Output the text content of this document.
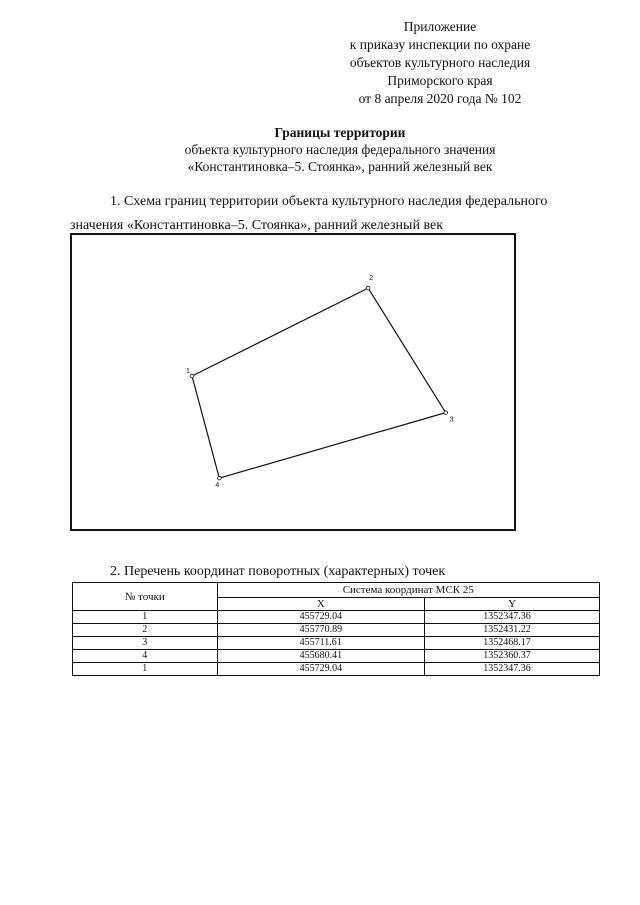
Приложение
к приказу инспекции по охране
объектов культурного наследия
Приморского края
от 8 апреля 2020 года № 102
Границы территории
объекта культурного наследия федерального значения
«Константиновка–5. Стоянка», ранний железный век
1. Схема границ территории объекта культурного наследия федерального значения «Константиновка–5. Стоянка», ранний железный век
1
2
3
4
2. Перечень координат поворотных (характерных) точек
№ точки	Система координат МСК 25	
	X	Y
1	455729.04	1352347.36
2	455770.89	1352431.22
3	455711.61	1352468.17
4	455680.41	1352360.37
1	455729.04	1352347.36
